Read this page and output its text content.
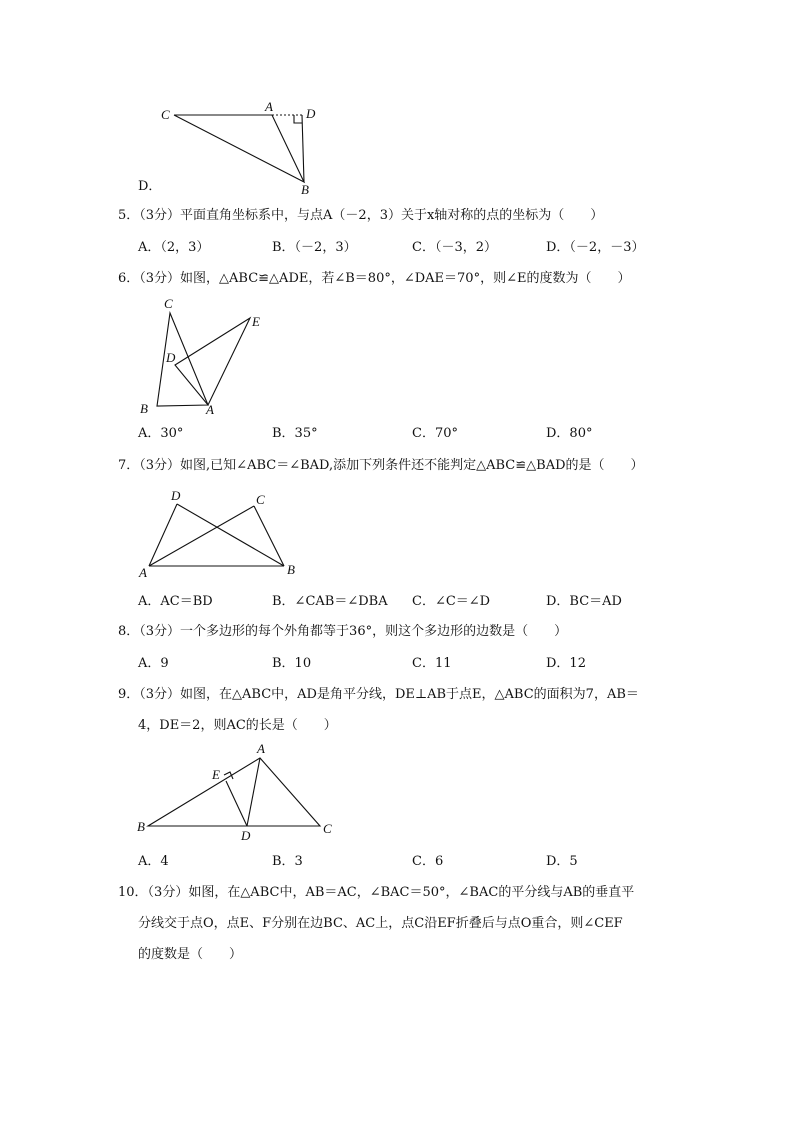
C
A	D
B
D．
5．（3分）平面直角坐标系中，与点A（－2，3）关于x轴对称的点的坐标为（　　）
A．（2，3）	B．（－2，3）	C．（－3，2）	D．（－2，－3）
6．（3分）如图，△ABC≌△ADE，若∠B＝80°，∠DAE＝70°，则∠E的度数为（　　）
C
E
D
B	A
A．30°	B．35°	C．70°	D．80°
7．（3分）如图,已知∠ABC＝∠BAD,添加下列条件还不能判定△ABC≌△BAD的是（　　）
D	C
A	B
A．AC＝BD	B．∠CAB＝∠DBA C．∠C＝∠D	D．BC＝AD
8．（3分）一个多边形的每个外角都等于36°，则这个多边形的边数是（　　）
A．9	B．10	C．11	D．12
9．（3分）如图，在△ABC中，AD是角平分线，DE⊥AB于点E，△ABC的面积为7，AB＝
4，DE＝2，则AC的长是（　　）
A
E
B
D	C
A．4	B．3	C．6	D．5
10．（3分）如图，在△ABC中，AB＝AC，∠BAC＝50°，∠BAC的平分线与AB的垂直平
分线交于点O，点E、F分别在边BC、AC上，点C沿EF折叠后与点O重合，则∠CEF
的度数是（　　）
